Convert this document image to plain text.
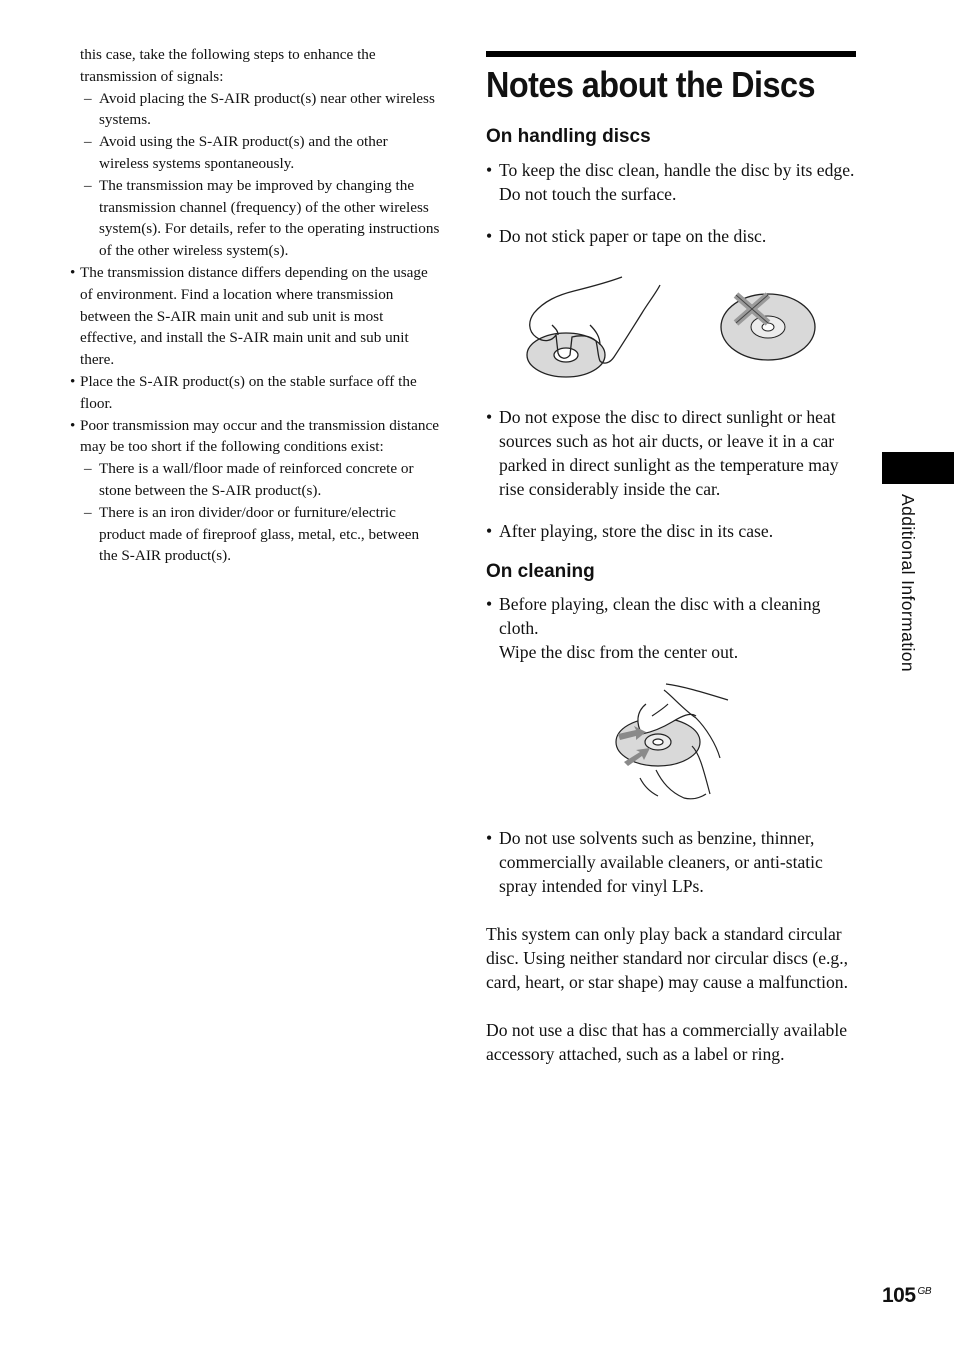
this case, take the following steps to enhance the transmission of signals:

– Avoid placing the S-AIR product(s) near other wireless systems.

– Avoid using the S-AIR product(s) and the other wireless systems spontaneously.

– The transmission may be improved by changing the transmission channel (frequency) of the other wireless system(s). For details, refer to the operating instructions of the other wireless system(s).

• The transmission distance differs depending on the usage of environment. Find a location where transmission between the S-AIR main unit and sub unit is most effective, and install the S-AIR main unit and sub unit there.

• Place the S-AIR product(s) on the stable surface off the floor.

• Poor transmission may occur and the transmission distance may be too short if the following conditions exist:

– There is a wall/floor made of reinforced concrete or stone between the S-AIR product(s).

– There is an iron divider/door or furniture/electric product made of fireproof glass, metal, etc., between the S-AIR product(s).

Notes about the Discs
On handling discs

• To keep the disc clean, handle the disc by its edge. Do not touch the surface.

• Do not stick paper or tape on the disc.

• Do not expose the disc to direct sunlight or heat sources such as hot air ducts, or leave it in a car parked in direct sunlight as the temperature may rise considerably inside the car.

• After playing, store the disc in its case.

On cleaning

• Before playing, clean the disc with a cleaning cloth.
Wipe the disc from the center out.

• Do not use solvents such as benzine, thinner, commercially available cleaners, or anti-static spray intended for vinyl LPs.

This system can only play back a standard circular disc. Using neither standard nor circular discs (e.g., card, heart, or star shape) may cause a malfunction.

Do not use a disc that has a commercially available accessory attached, such as a label or ring.

Additional Information
105 $^{GB}$
